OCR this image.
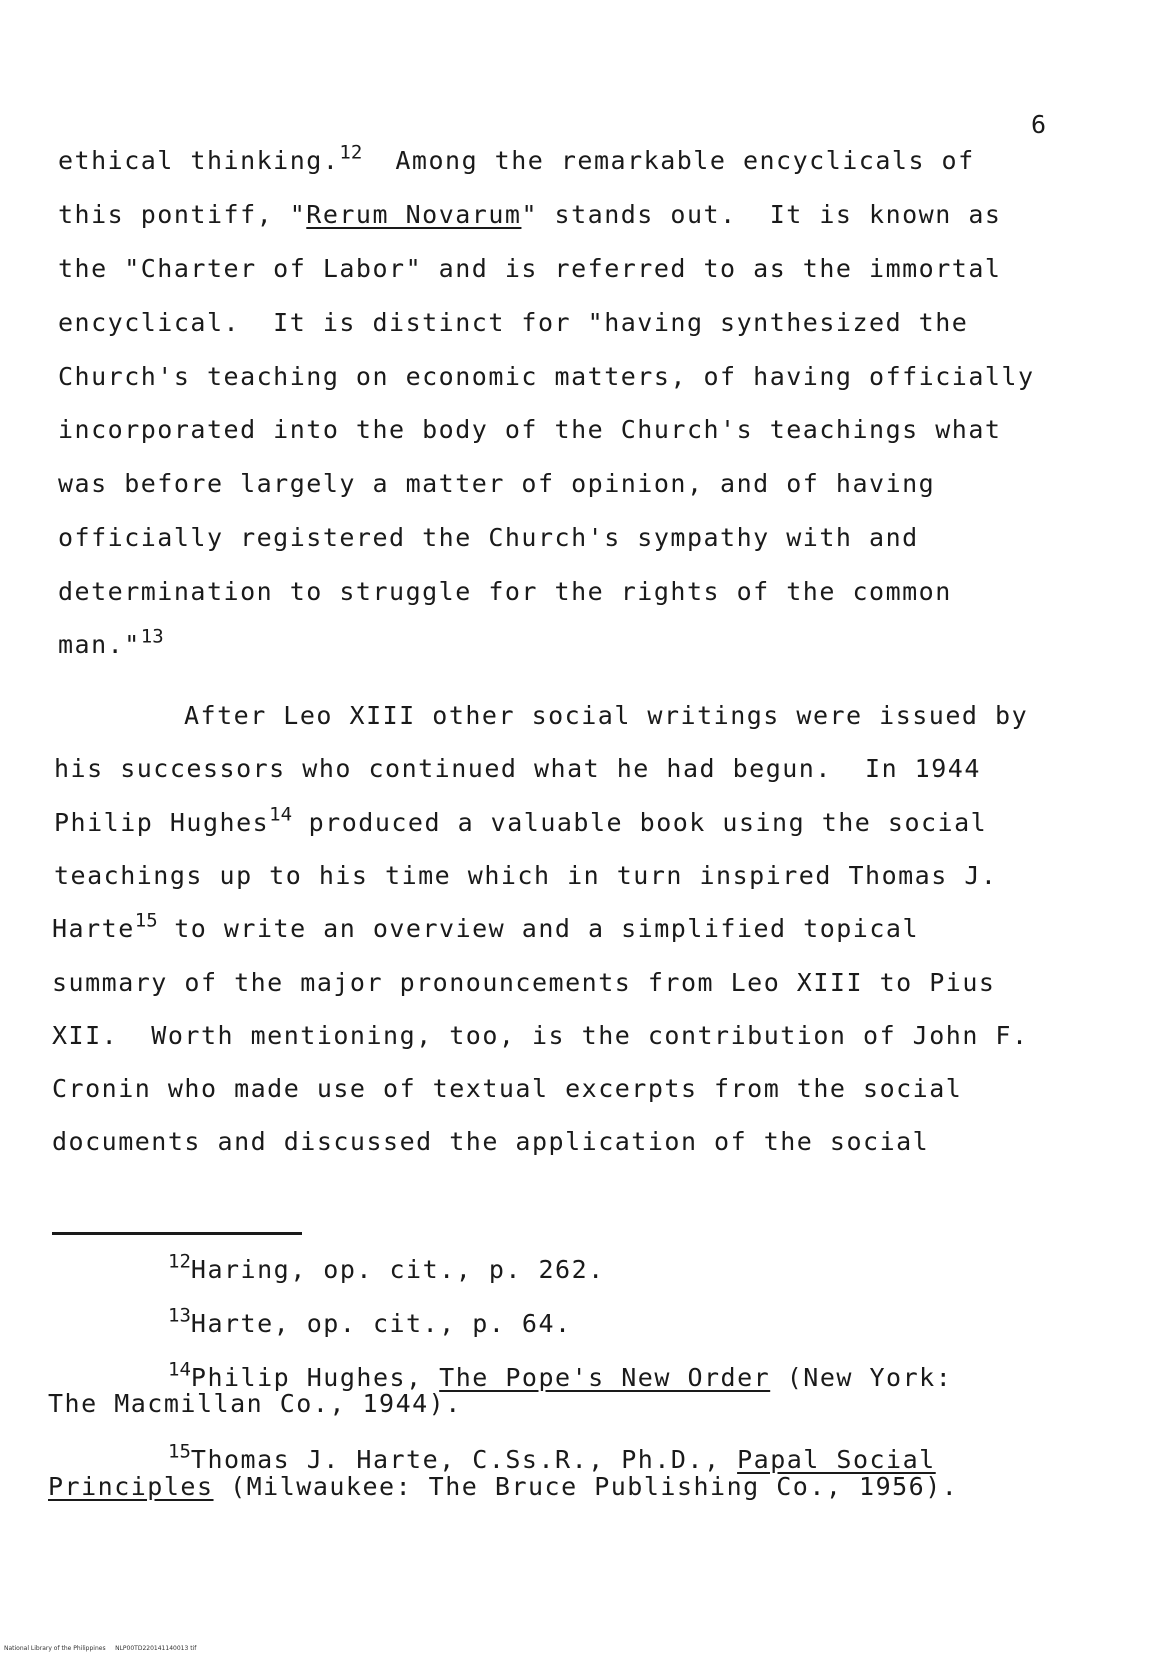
6
ethical thinking.$^{12}$  Among the remarkable encyclicals of
this pontiff, "Rerum Novarum" stands out.  It is known as
the "Charter of Labor" and is referred to as the immortal
encyclical.  It is distinct for "having synthesized the
Church's teaching on economic matters, of having officially
incorporated into the body of the Church's teachings what
was before largely a matter of opinion, and of having
officially registered the Church's sympathy with and
determination to struggle for the rights of the common
man."$^{13}$
After Leo XIII other social writings were issued by
his successors who continued what he had begun.  In 1944
Philip Hughes$^{14}$ produced a valuable book using the social
teachings up to his time which in turn inspired Thomas J.
Harte$^{15}$ to write an overview and a simplified topical
summary of the major pronouncements from Leo XIII to Pius
XII.  Worth mentioning, too, is the contribution of John F.
Cronin who made use of textual excerpts from the social
documents and discussed the application of the social
$^{12}$Haring, op. cit., p. 262.
$^{13}$Harte, op. cit., p. 64.
$^{14}$Philip Hughes, The Pope's New Order (New York:
The Macmillan Co., 1944).
$^{15}$Thomas J. Harte, C.Ss.R., Ph.D., Papal Social
Principles (Milwaukee: The Bruce Publishing Co., 1956).
National Library of the Philippines     NLP00TD220141140013 tif
